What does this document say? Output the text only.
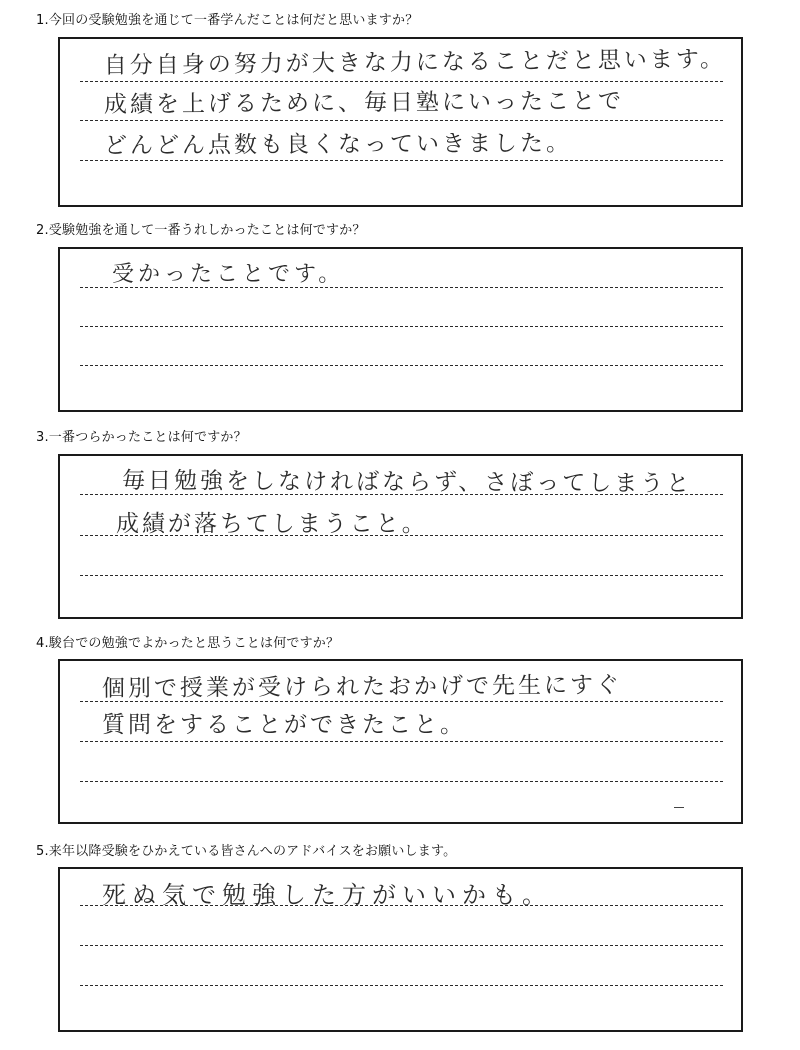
1.今回の受験勉強を通じて一番学んだことは何だと思いますか？
自分自身の努力が大きな力になることだと思います。
成績を上げるために、毎日塾にいったことで
どんどん点数も良くなっていきました。
2.受験勉強を通して一番うれしかったことは何ですか？
受かったことです。
3.一番つらかったことは何ですか？
毎日勉強をしなければならず、さぼってしまうと
成績が落ちてしまうこと。
4.駿台での勉強でよかったと思うことは何ですか？
個別で授業が受けられたおかげで先生にすぐ
質問をすることができたこと。
5.来年以降受験をひかえている皆さんへのアドバイスをお願いします。
死ぬ気で勉強した方がいいかも。
